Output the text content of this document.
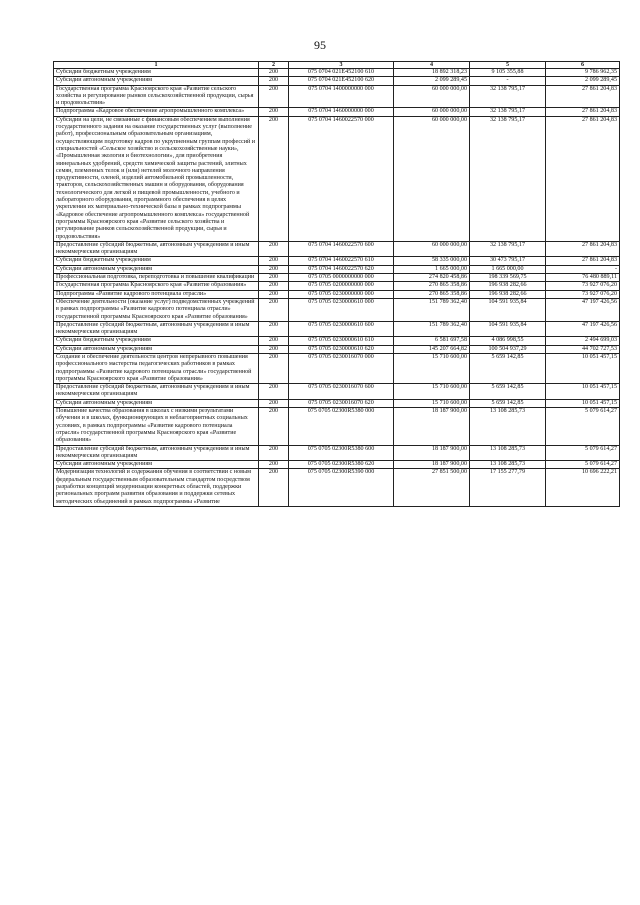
95
1	2	3	4	5	6
Субсидии бюджетным учреждениям	200	075 0704 021Е452100 610	18 892 318,23	9 105 355,88	9 786 962,35
Субсидии автономным учреждениям	200	075 0704 021Е452100 620	2 099 289,45	-	2 099 289,45
Государственная программа Красноярского края «Развитие сельского хозяйства и регулирование рынков сельскохозяйственной продукции, сырья и продовольствия»	200	075 0704 1400000000 000	60 000 000,00	32 138 795,17	27 861 204,83
Подпрограмма «Кадровое обеспечение агропромышленного комплекса»	200	075 0704 1460000000 000	60 000 000,00	32 138 795,17	27 861 204,83
Субсидии на цели, не связанные с финансовым обеспечением выполнения государственного задания на оказание государственных услуг (выполнение работ), профессиональным образовательным организациям, осуществляющим подготовку кадров по укрупненным группам профессий и специальностей «Сельское хозяйство и сельскохозяйственные науки», «Промышленная экология и биотехнологии», для приобретения минеральных удобрений, средств химической защиты растений, элитных семян, племенных телок и (или) нетелей молочного направления продуктивности, оленей, изделий автомобильной промышленности, тракторов, сельскохозяйственных машин и оборудования, оборудования технологического для легкой и пищевой промышленности, учебного и лабораторного оборудования, программного обеспечения в целях укрепления их материально-технической базы в рамках подпрограммы «Кадровое обеспечение агропромышленного комплекса» государственной программы Красноярского края «Развитие сельского хозяйства и регулирование рынков сельскохозяйственной продукции, сырья и продовольствия»	200	075 0704 1460022570 000	60 000 000,00	32 138 795,17	27 861 204,83
Предоставление субсидий бюджетным, автономным учреждениям и иным некоммерческим организациям	200	075 0704 1460022570 600	60 000 000,00	32 138 795,17	27 861 204,83
Субсидии бюджетным учреждениям	200	075 0704 1460022570 610	58 335 000,00	30 473 795,17	27 861 204,83
Субсидии автономным учреждениям	200	075 0704 1460022570 620	1 665 000,00	1 665 000,00	-
Профессиональная подготовка, переподготовка и повышение квалификации	200	075 0705 0000000000 000	274 820 458,86	198 339 569,75	76 480 889,11
Государственная программа Красноярского края «Развитие образования»	200	075 0705 0200000000 000	270 865 358,86	196 938 282,66	73 927 076,20
Подпрограмма «Развитие кадрового потенциала отрасли»	200	075 0705 0230000000 000	270 865 358,86	196 938 282,66	73 927 076,20
Обеспечение деятельности (оказание услуг) подведомственных учреждений в рамках подпрограммы «Развитие кадрового потенциала отрасли» государственной программы Красноярского края «Развитие образования»	200	075 0705 0230000610 000	151 789 362,40	104 591 935,84	47 197 426,56
Предоставление субсидий бюджетным, автономным учреждениям и иным некоммерческим организациям	200	075 0705 0230000610 600	151 789 362,40	104 591 935,84	47 197 426,56
Субсидии бюджетным учреждениям	200	075 0705 0230000610 610	6 581 697,58	4 086 998,55	2 494 699,03
Субсидии автономным учреждениям	200	075 0705 0230000610 620	145 207 664,82	100 504 937,29	44 702 727,53
Создание и обеспечение деятельности центров непрерывного повышения профессионального мастерства педагогических работников в рамках подпрограммы «Развитие кадрового потенциала отрасли» государственной программы Красноярского края «Развитие образования»	200	075 0705 0230016070 000	15 710 600,00	5 659 142,85	10 051 457,15
Предоставление субсидий бюджетным, автономным учреждениям и иным некоммерческим организациям	200	075 0705 0230016070 600	15 710 600,00	5 659 142,85	10 051 457,15
Субсидии автономным учреждениям	200	075 0705 0230016070 620	15 710 600,00	5 659 142,85	10 051 457,15
Повышение качества образования в школах с низкими результатами обучения и в школах, функционирующих в неблагоприятных социальных условиях, в рамках подпрограммы «Развитие кадрового потенциала отрасли» государственной программы Красноярского края «Развитие образования»	200	075 0705 02300R5380 000	18 187 900,00	13 108 285,73	5 079 614,27
Предоставление субсидий бюджетным, автономным учреждениям и иным некоммерческим организациям	200	075 0705 02300R5380 600	18 187 900,00	13 108 285,73	5 079 614,27
Субсидии автономным учреждениям	200	075 0705 02300R5380 620	18 187 900,00	13 108 285,73	5 079 614,27
Модернизация технологий и содержания обучения в соответствии с новым федеральным государственным образовательным стандартом посредством разработки концепций модернизации конкретных областей, поддержки региональных программ развития образования и поддержки сетевых методических объединений в рамках подпрограммы «Развитие	200	075 0705 02300R5390 000	27 851 500,00	17 155 277,79	10 696 222,21
